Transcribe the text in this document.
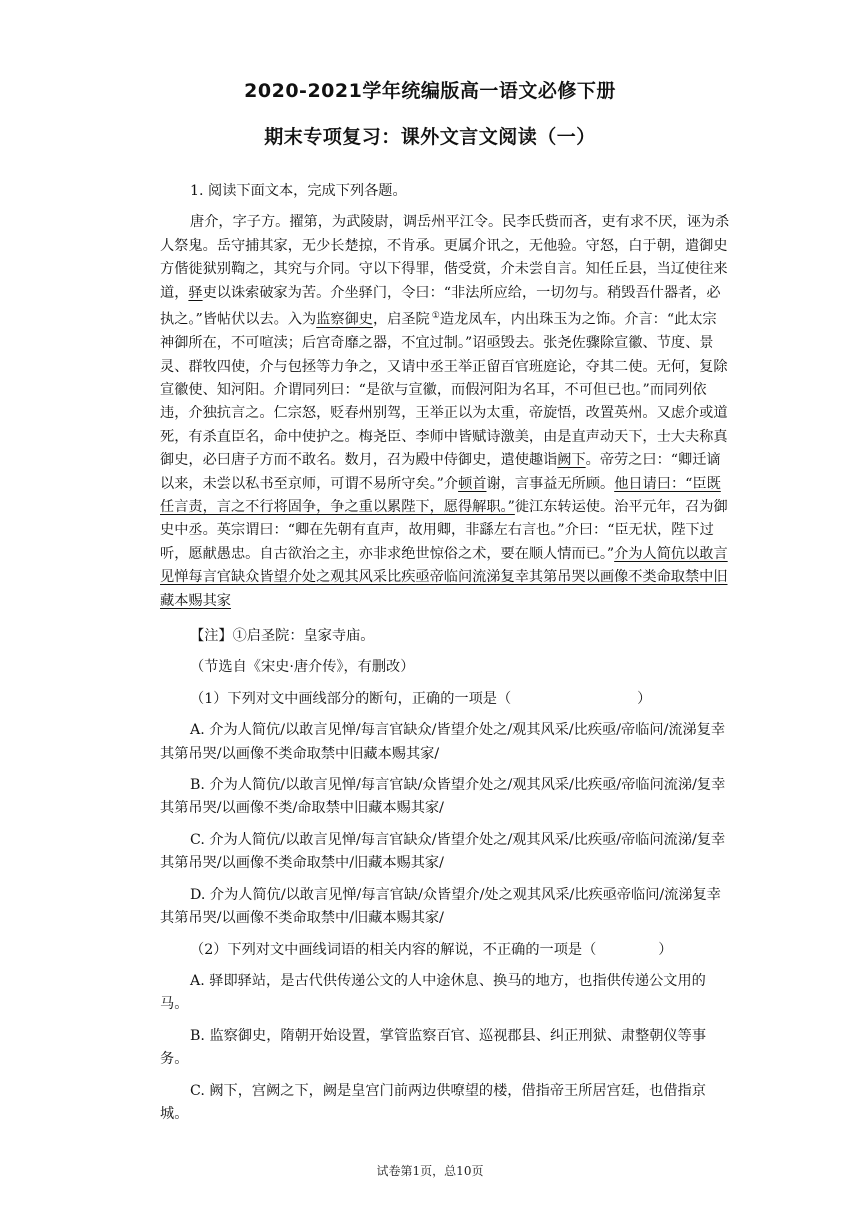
2020-2021学年统编版高一语文必修下册
期末专项复习：课外文言文阅读（一）

1. 阅读下面文本，完成下列各题。

唐介，字子方。擢第，为武陵尉，调岳州平江令。民李氏赀而吝，吏有求不厌，诬为杀人祭鬼。岳守捕其家，无少长楚掠，不肯承。更属介讯之，无他验。守怒，白于朝，遣御史方偕徙狱别鞫之，其究与介同。守以下得罪，偕受赏，介未尝自言。知任丘县，当辽使往来道，驿吏以诛索破家为苦。介坐驿门，令曰：“非法所应给，一切勿与。稍毁吾什器者，必执之。”皆帖伏以去。入为监察御史，启圣院 ①造龙凤车，内出珠玉为之饰。介言：“此太宗神御所在，不可喧渎；后宫奇靡之器，不宜过制。”诏亟毁去。张尧佐骤除宣徽、节度、景灵、群牧四使，介与包拯等力争之，又请中丞王举正留百官班庭论，夺其二使。无何，复除宣徽使、知河阳。介谓同列曰：“是欲与宣徽，而假河阳为名耳，不可但已也。”而同列依违，介独抗言之。仁宗怒，贬春州别驾，王举正以为太重，帝旋悟，改置英州。又虑介或道死，有杀直臣名，命中使护之。梅尧臣、李师中皆赋诗激美，由是直声动天下，士大夫称真御史，必曰唐子方而不敢名。数月，召为殿中侍御史，遣使趣诣阙下。帝劳之曰：“卿迁谪以来，未尝以私书至京师，可谓不易所守矣。”介顿首谢，言事益无所顾。他日请曰：“臣既任言责，言之不行将固争，争之重以累陛下，愿得解职。”徙江东转运使。治平元年，召为御史中丞。英宗谓曰：“卿在先朝有直声，故用卿，非繇左右言也。”介曰：“臣无状，陛下过听，愿献愚忠。自古欲治之主，亦非求绝世惊俗之术，要在顺人情而已。”介为人简伉以敢言见惮每言官缺众皆望介处之观其风采比疾亟帝临问流涕复幸其第吊哭以画像不类命取禁中旧藏本赐其家

【注】①启圣院：皇家寺庙。

（节选自《宋史·唐介传》，有删改）

（1）下列对文中画线部分的断句，正确的一项是（	）

A. 介为人简伉/以敢言见惮/每言官缺众/皆望介处之/观其风采/比疾亟/帝临问/流涕复幸其第吊哭/以画像不类命取禁中旧藏本赐其家/

B. 介为人简伉/以敢言见惮/每言官缺/众皆望介处之/观其风采/比疾亟/帝临问流涕/复幸其第吊哭/以画像不类/命取禁中旧藏本赐其家/

C. 介为人简伉/以敢言见惮/每言官缺众/皆望介处之/观其风采/比疾亟/帝临问流涕/复幸其第吊哭/以画像不类命取禁中/旧藏本赐其家/

D. 介为人简伉/以敢言见惮/每言官缺/众皆望介/处之观其风采/比疾亟帝临问/流涕复幸其第吊哭/以画像不类命取禁中/旧藏本赐其家/

（2）下列对文中画线词语的相关内容的解说，不正确的一项是（	）

A. 驿即驿站，是古代供传递公文的人中途休息、换马的地方，也指供传递公文用的马。

B. 监察御史，隋朝开始设置，掌管监察百官、巡视郡县、纠正刑狱、肃整朝仪等事务。

C. 阙下，宫阙之下，阙是皇宫门前两边供嘹望的楼，借指帝王所居宫廷，也借指京城。

试卷第1页，总10页
